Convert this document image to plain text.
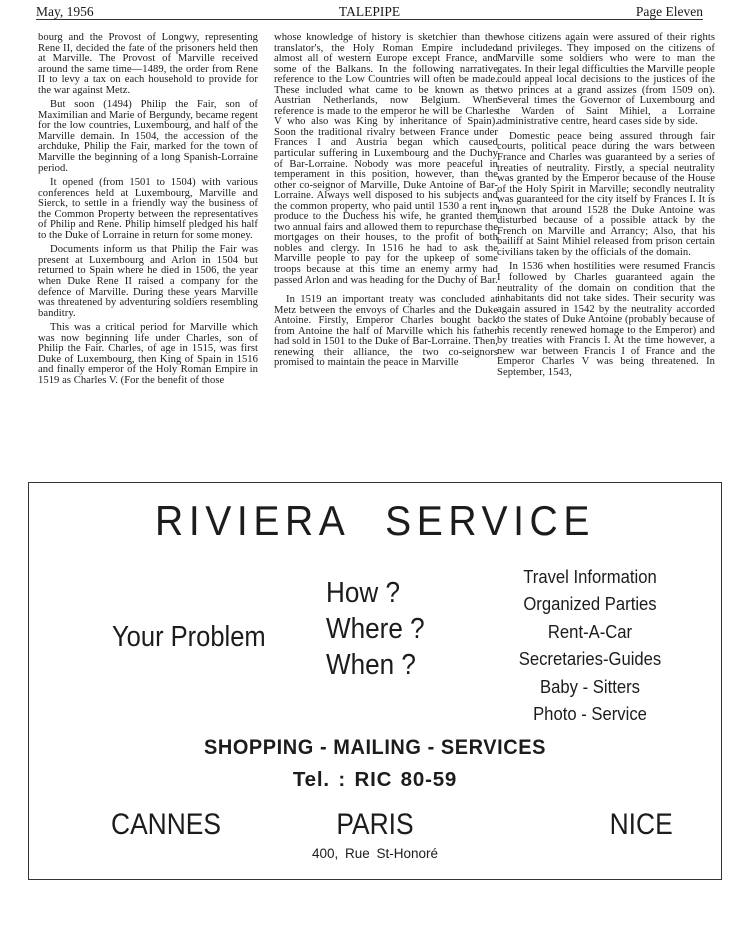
May, 1956	TALEPIPE	Page Eleven

bourg and the Provost of Longwy, representing Rene II, decided the fate of the prisoners held then at Marville. The Provost of Marville received around the same time—1489, the order from Rene II to levy a tax on each household to provide for the war against Metz.

But soon (1494) Philip the Fair, son of Maximilian and Marie of Bergundy, became regent for the low countries, Luxembourg, and half of the Marville demain. In 1504, the accession of the archduke, Philip the Fair, marked for the town of Marville the beginning of a long Spanish-Lorraine period.

It opened (from 1501 to 1504) with various conferences held at Luxembourg, Marville and Sierck, to settle in a friendly way the business of the Common Property between the representatives of Philip and Rene. Philip himself pledged his half to the Duke of Lorraine in return for some money.

Documents inform us that Philip the Fair was present at Luxembourg and Arlon in 1504 but returned to Spain where he died in 1506, the year when Duke Rene II raised a company for the defence of Marville. During these years Marville was threatened by adventuring soldiers resembling banditry.

This was a critical period for Marville which was now beginning life under Charles, son of Philip the Fair. Charles, of age in 1515, was first Duke of Luxembourg, then King of Spain in 1516 and finally emperor of the Holy Roman Empire in 1519 as Charles V. (For the benefit of those

whose knowledge of history is sketchier than the translator's, the Holy Roman Empire included almost all of western Europe except France, and some of the Balkans. In the following narrative reference to the Low Countries will often be made. These included what came to be known as the Austrian Netherlands, now Belgium. When reference is made to the emperor he will be Charles V who also was King by inheritance of Spain). Soon the traditional rivalry between France under Frances I and Austria began which caused particular suffering in Luxembourg and the Duchy of Bar-Lorraine. Nobody was more peaceful in temperament in this position, however, than the other co-seignor of Marville, Duke Antoine of Bar-Lorraine. Always well disposed to his subjects and the common property, who paid until 1530 a rent in produce to the Duchess his wife, he granted them two annual fairs and allowed them to repurchase the mortgages on their houses, to the profit of both nobles and clergy. In 1516 he had to ask the Marville people to pay for the upkeep of some troops because at this time an enemy army had passed Arlon and was heading for the Duchy of Bar.

In 1519 an important treaty was concluded at Metz between the envoys of Charles and the Duke Antoine. Firstly, Emperor Charles bought back from Antoine the half of Marville which his father had sold in 1501 to the Duke of Bar-Lorraine. Then, renewing their alliance, the two co-seignors promised to maintain the peace in Marville

whose citizens again were assured of their rights and privileges. They imposed on the citizens of Marville some soldiers who were to man the gates. In their legal difficulties the Marville people could appeal local decisions to the justices of the two princes at a grand assizes (from 1509 on). Several times the Governor of Luxembourg and the Warden of Saint Mihiel, a Lorraine administrative centre, heard cases side by side.

Domestic peace being assured through fair courts, political peace during the wars between France and Charles was guaranteed by a series of treaties of neutrality. Firstly, a special neutrality was granted by the Emperor because of the House of the Holy Spirit in Marville; secondly neutrality was guaranteed for the city itself by Frances I. It is known that around 1528 the Duke Antoine was disturbed because of a possible attack by the French on Marville and Arrancy; Also, that his bailiff at Saint Mihiel released from prison certain civilians taken by the officials of the domain.

In 1536 when hostilities were resumed Francis I followed by Charles guaranteed again the neutrality of the domain on condition that the inhabitants did not take sides. Their security was again assured in 1542 by the neutrality accorded to the states of Duke Antoine (probably because of his recently renewed homage to the Emperor) and by treaties with Francis I. At the time however, a new war between Francis I of France and the Emperor Charles V was being threatened. In September, 1543,

RIVIERA SERVICE
Your Problem
How ?
Where ?
When ?
Travel Information
Organized Parties
Rent-A-Car
Secretaries-Guides
Baby - Sitters
Photo - Service
SHOPPING - MAILING - SERVICES
Tel. : RIC 80-59
CANNES	PARIS	NICE
400, Rue St-Honoré
